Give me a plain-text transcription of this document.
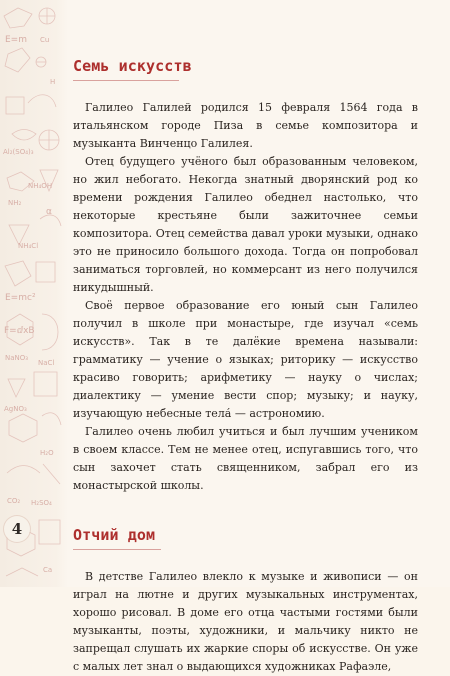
E=m Cu
H
Al₂(SO₄)₃
NH₄OH
NH₂
α
NH₄Cl
E=mc²
F=ⅆxB
NaNO₃
NaCl
AgNO₃
H₂O
CO₂ H₂SO₄
Ca
4
Семь искусств

Галилео Галилей родился 15 февраля 1564 года в итальянском городе Пиза в семье композитора и музыканта Винченцо Галилея.

Отец будущего учёного был образованным человеком, но жил небогато. Некогда знатный дворянский род ко времени рождения Галилео обеднел настолько, что некоторые крестьяне были зажиточнее семьи композитора. Отец семейства давал уроки музыки, однако это не приносило большого дохода. Тогда он попробовал заниматься торговлей, но коммерсант из него получился никудышный.

Своё первое образование его юный сын Галилео получил в школе при монастыре, где изучал «семь искусств». Так в те далёкие времена называли: грамматику — учение о языках; риторику — искусство красиво говорить; арифметику — науку о числах; диалектику — умение вести спор; музыку; и науку, изучающую небесные тела́ — астрономию.

Галилео очень любил учиться и был лучшим учеником в своем классе. Тем не менее отец, испугавшись того, что сын захочет стать священником, забрал его из монастырской школы.

Отчий дом

В детстве Галилео влекло к музыке и живописи — он играл на лютне и других музыкальных инструментах, хорошо рисовал. В доме его отца частыми гостями были музыканты, поэты, художники, и мальчику никто не запрещал слушать их жаркие споры об искусстве. Он уже с малых лет знал о выдающихся художниках Рафаэле,
